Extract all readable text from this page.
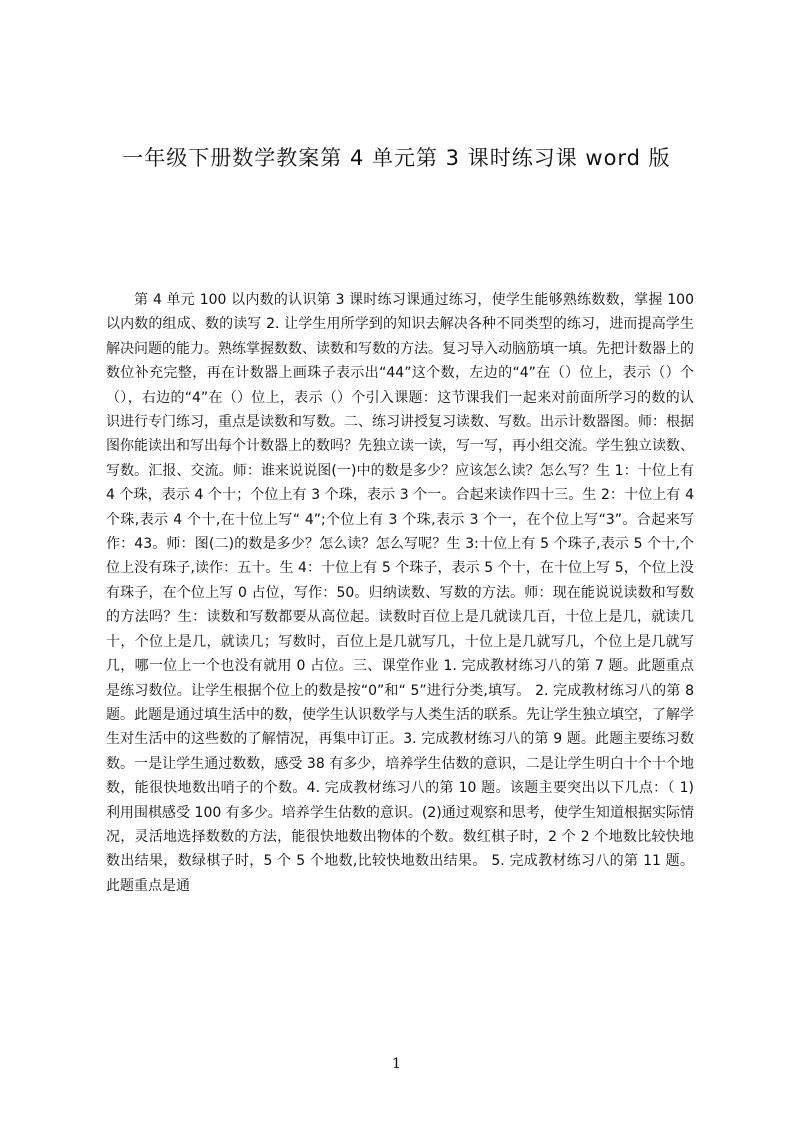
一年级下册数学教案第 4 单元第 3 课时练习课 word 版

第 4 单元 100 以内数的认识第 3 课时练习课通过练习，使学生能够熟练数数，掌握 100 以内数的组成、数的读写 2. 让学生用所学到的知识去解决各种不同类型的练习，进而提高学生解决问题的能力。熟练掌握数数、读数和写数的方法。复习导入动脑筋填一填。先把计数器上的数位补充完整，再在计数器上画珠子表示出“44”这个数，左边的“4”在（）位上，表示（）个（），右边的“4”在（）位上，表示（）个引入课题：这节课我们一起来对前面所学习的数的认识进行专门练习，重点是读数和写数。二、练习讲授复习读数、写数。出示计数器图。师：根据图你能读出和写出每个计数器上的数吗？先独立读一读，写一写，再小组交流。学生独立读数、写数。汇报、交流。师：谁来说说图(一)中的数是多少？应该怎么读？怎么写？生 1：十位上有 4 个珠，表示 4 个十；个位上有 3 个珠，表示 3 个一。合起来读作四十三。生 2：十位上有 4 个珠,表示 4 个十,在十位上写“ 4”;个位上有 3 个珠,表示 3 个一，在个位上写“3”。合起来写作：43。师：图(二)的数是多少？怎么读？怎么写呢？生 3:十位上有 5 个珠子,表示 5 个十,个位上没有珠子,读作：五十。生 4：十位上有 5 个珠子，表示 5 个十，在十位上写 5，个位上没有珠子，在个位上写 0 占位，写作：50。归纳读数、写数的方法。师：现在能说说读数和写数的方法吗？生：读数和写数都要从高位起。读数时百位上是几就读几百，十位上是几，就读几十，个位上是几，就读几；写数时，百位上是几就写几，十位上是几就写几，个位上是几就写几，哪一位上一个也没有就用 0 占位。三、课堂作业 1. 完成教材练习八的第 7 题。此题重点是练习数位。让学生根据个位上的数是按“0”和“ 5”进行分类,填写。 2. 完成教材练习八的第 8 题。此题是通过填生活中的数，使学生认识数学与人类生活的联系。先让学生独立填空，了解学生对生活中的这些数的了解情况，再集中订正。3. 完成教材练习八的第 9 题。此题主要练习数数。一是让学生通过数数，感受 38 有多少，培养学生估数的意识，二是让学生明白十个十个地数，能很快地数出哨子的个数。4. 完成教材练习八的第 10 题。该题主要突出以下几点：（ 1)利用围棋感受 100 有多少。培养学生估数的意识。(2)通过观察和思考，使学生知道根据实际情况，灵活地选择数数的方法，能很快地数出物体的个数。数红棋子时，2 个 2 个地数比较快地数出结果，数绿棋子时，5 个 5 个地数,比较快地数出结果。 5. 完成教材练习八的第 11 题。此题重点是通

1
